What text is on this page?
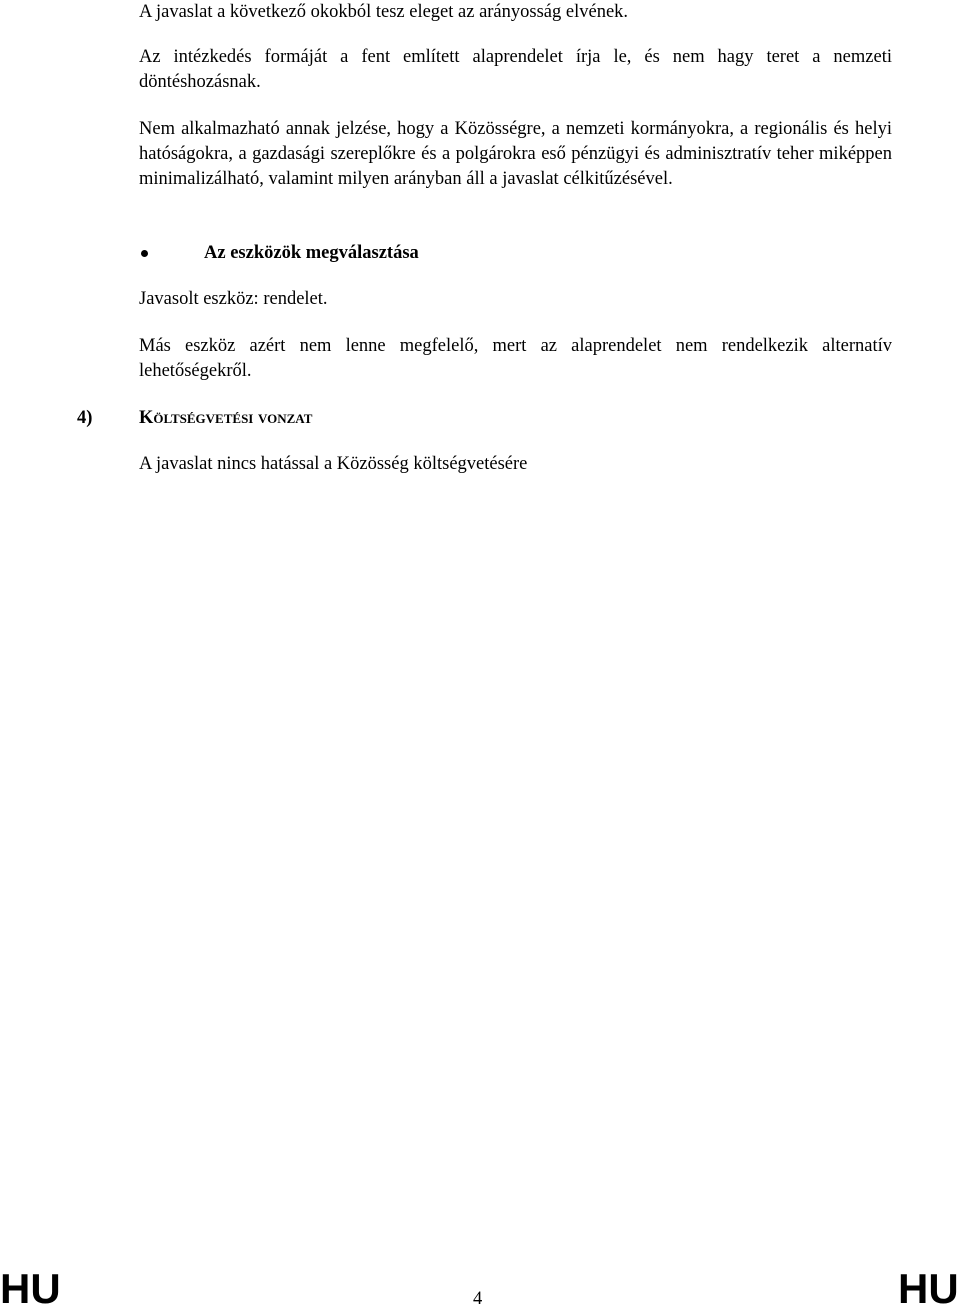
A javaslat a következő okokból tesz eleget az arányosság elvének.

Az intézkedés formáját a fent említett alaprendelet írja le, és nem hagy teret a nemzeti döntéshozásnak.

Nem alkalmazható annak jelzése, hogy a Közösségre, a nemzeti kormányokra, a regionális és helyi hatóságokra, a gazdasági szereplőkre és a polgárokra eső pénzügyi és adminisztratív teher miképpen minimalizálható, valamint milyen arányban áll a javaslat célkitűzésével.

Az eszközök megválasztása

Javasolt eszköz: rendelet.

Más eszköz azért nem lenne megfelelő, mert az alaprendelet nem rendelkezik alternatív lehetőségekről.

4)	Költségvetési vonzat

A javaslat nincs hatással a Közösség költségvetésére

HU	4	HU
